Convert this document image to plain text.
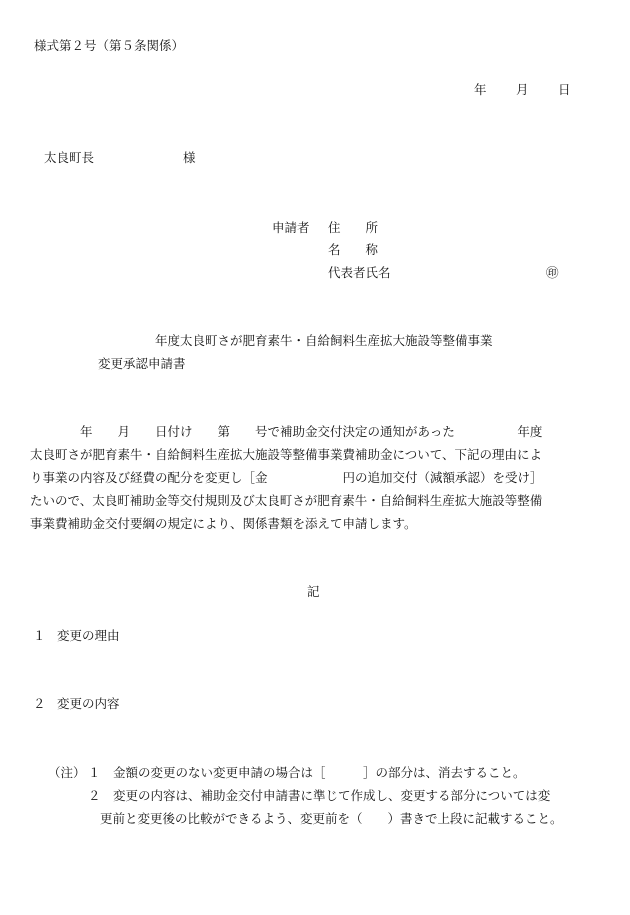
様式第２号（第５条関係）
年 月 日
太良町長	様
申請者 住　　所
名　　称
代表者氏名	㊞
年度太良町さが肥育素牛・自給飼料生産拡大施設等整備事業
変更承認申請書
　　　　年　　月　　日付け　　第　　号で補助金交付決定の通知があった　　　　　年度
太良町さが肥育素牛・自給飼料生産拡大施設等整備事業費補助金について、下記の理由によ
り事業の内容及び経費の配分を変更し［金　　　　　　円の追加交付（減額承認）を受け］
たいので、太良町補助金等交付規則及び太良町さが肥育素牛・自給飼料生産拡大施設等整備
事業費補助金交付要綱の規定により、関係書類を添えて申請します。
記
１ 変更の理由
２ 変更の内容
（注） １ 金額の変更のない変更申請の場合は［　　　］の部分は、消去すること。
２ 変更の内容は、補助金交付申請書に準じて作成し、変更する部分については変
更前と変更後の比較ができるよう、変更前を（　　）書きで上段に記載すること。
